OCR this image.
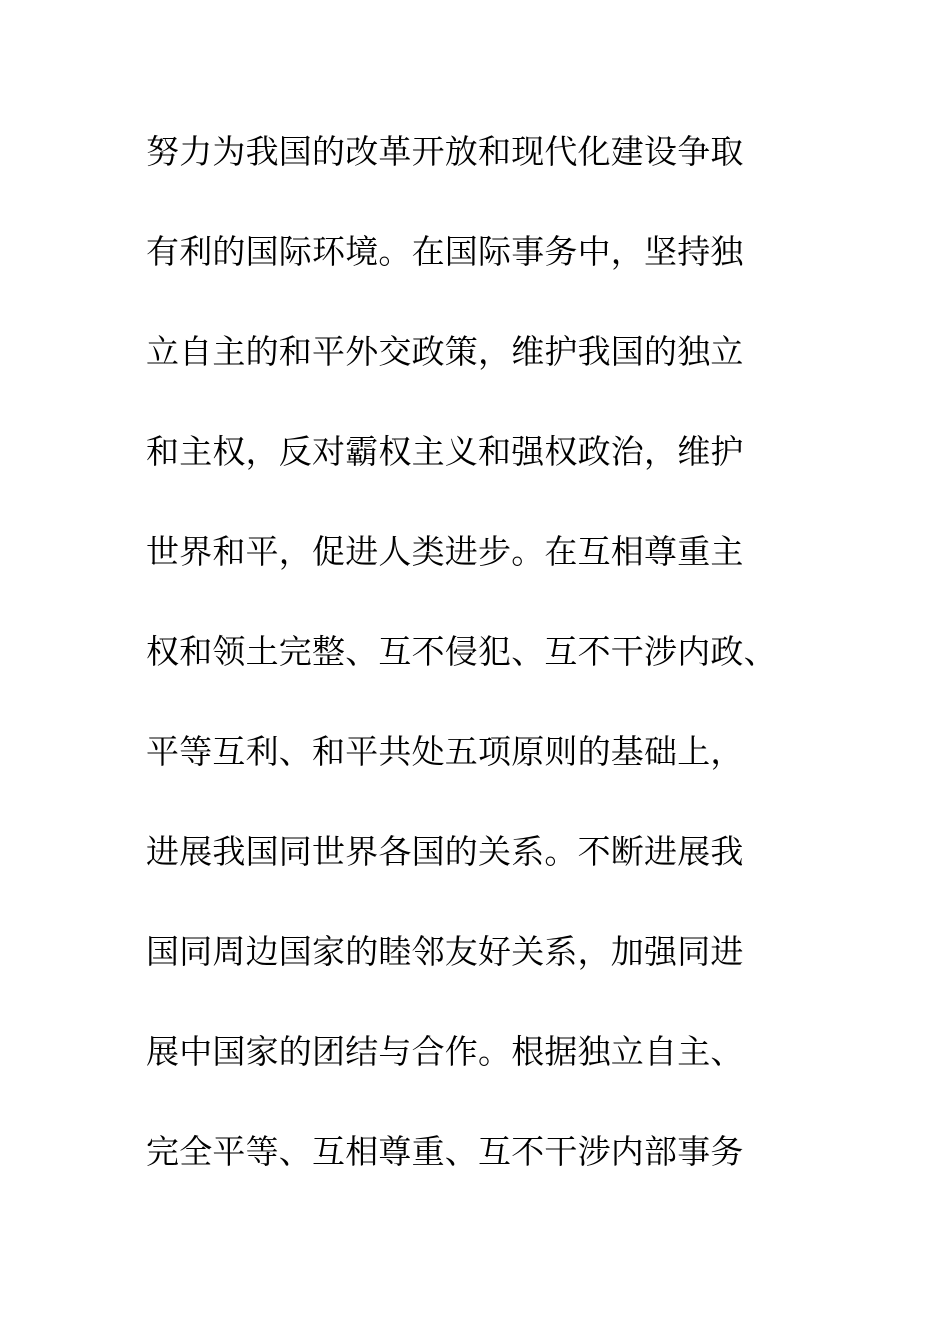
努力为我国的改革开放和现代化建设争取
有利的国际环境。在国际事务中，坚持独
立自主的和平外交政策，维护我国的独立
和主权，反对霸权主义和强权政治，维护
世界和平，促进人类进步。在互相尊重主
权和领土完整、互不侵犯、互不干涉内政、
平等互利、和平共处五项原则的基础上，
进展我国同世界各国的关系。不断进展我
国同周边国家的睦邻友好关系，加强同进
展中国家的团结与合作。根据独立自主、
完全平等、互相尊重、互不干涉内部事务
